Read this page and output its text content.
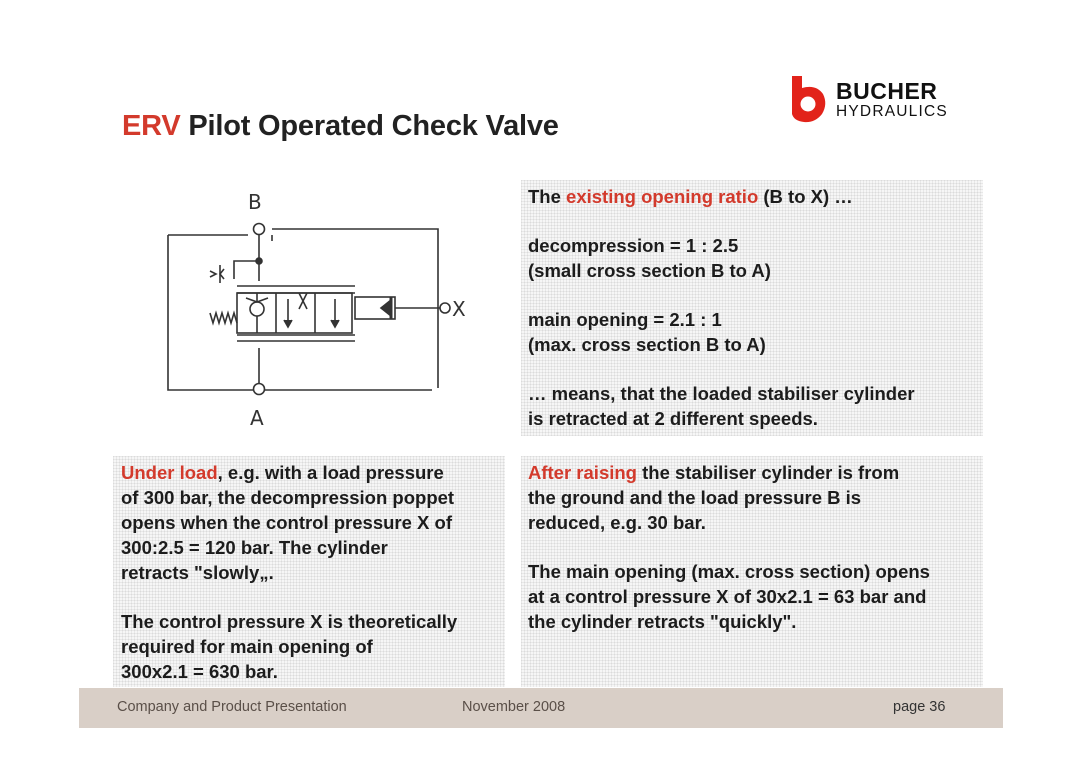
ERV Pilot Operated Check Valve
BUCHER
HYDRAULICS
B
A
X

The existing opening ratio (B to X) …

decompression = 1 : 2.5

(small cross section B to A)

main opening = 2.1 : 1

(max. cross section B to A)

… means, that the loaded stabiliser cylinder

is retracted at 2 different speeds.

Under load, e.g. with a load pressure

of 300 bar, the decompression poppet

opens when the control pressure X of

300:2.5 = 120 bar. The cylinder

retracts "slowly„.

The control pressure X is theoretically

required for main opening of

300x2.1 = 630 bar.

After raising the stabiliser cylinder is from

the ground and the load pressure B is

reduced, e.g. 30 bar.

The main opening (max. cross section) opens

at a control pressure X of 30x2.1 = 63 bar and

the cylinder retracts "quickly".

Company and Product Presentation	November 2008	page 36
